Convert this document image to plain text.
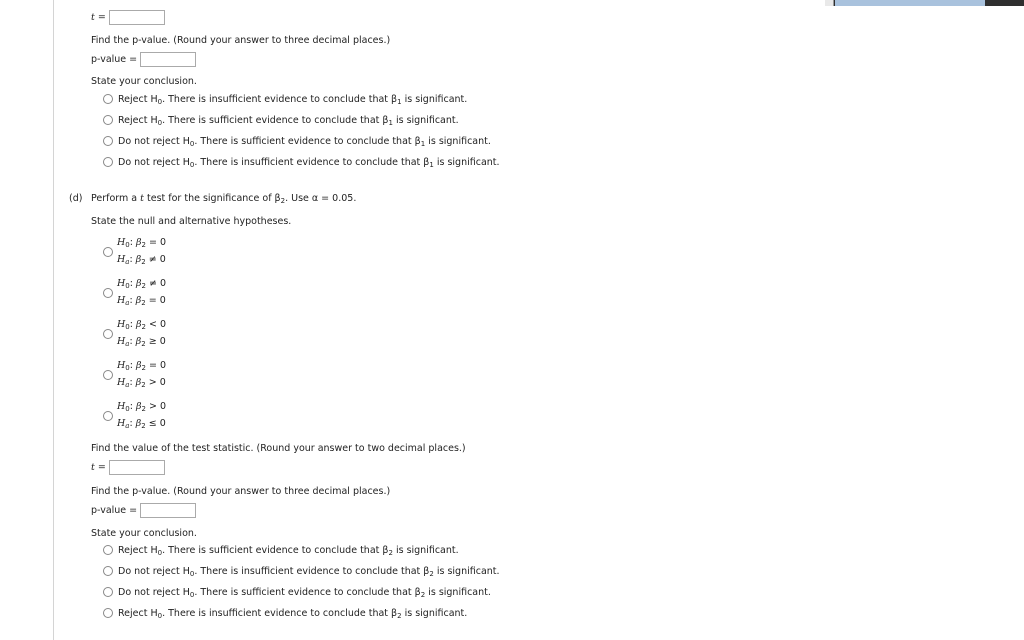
t =
Find the p-value. (Round your answer to three decimal places.)
p-value =
State your conclusion.
Reject $H_0$. There is insufficient evidence to conclude that $\beta_1$ is significant.
Reject $H_0$. There is sufficient evidence to conclude that $\beta_1$ is significant.
Do not reject $H_0$. There is sufficient evidence to conclude that $\beta_1$ is significant.
Do not reject $H_0$. There is insufficient evidence to conclude that $\beta_1$ is significant.
(d) Perform a t test for the significance of $\beta_2$. Use α = 0.05.
State the null and alternative hypotheses.
$H_0$: $\beta_2 = 0$
$H_a$: $\beta_2 \ne 0$
$H_0$: $\beta_2 \ne 0$
$H_a$: $\beta_2 = 0$
$H_0$: $\beta_2 < 0$
$H_a$: $\beta_2 \ge 0$
$H_0$: $\beta_2 = 0$
$H_a$: $\beta_2 > 0$
$H_0$: $\beta_2 > 0$
$H_a$: $\beta_2 \le 0$
Find the value of the test statistic. (Round your answer to two decimal places.)
t =
Find the p-value. (Round your answer to three decimal places.)
p-value =
State your conclusion.
Reject $H_0$. There is sufficient evidence to conclude that $\beta_2$ is significant.
Do not reject $H_0$. There is insufficient evidence to conclude that $\beta_2$ is significant.
Do not reject $H_0$. There is sufficient evidence to conclude that $\beta_2$ is significant.
Reject $H_0$. There is insufficient evidence to conclude that $\beta_2$ is significant.
